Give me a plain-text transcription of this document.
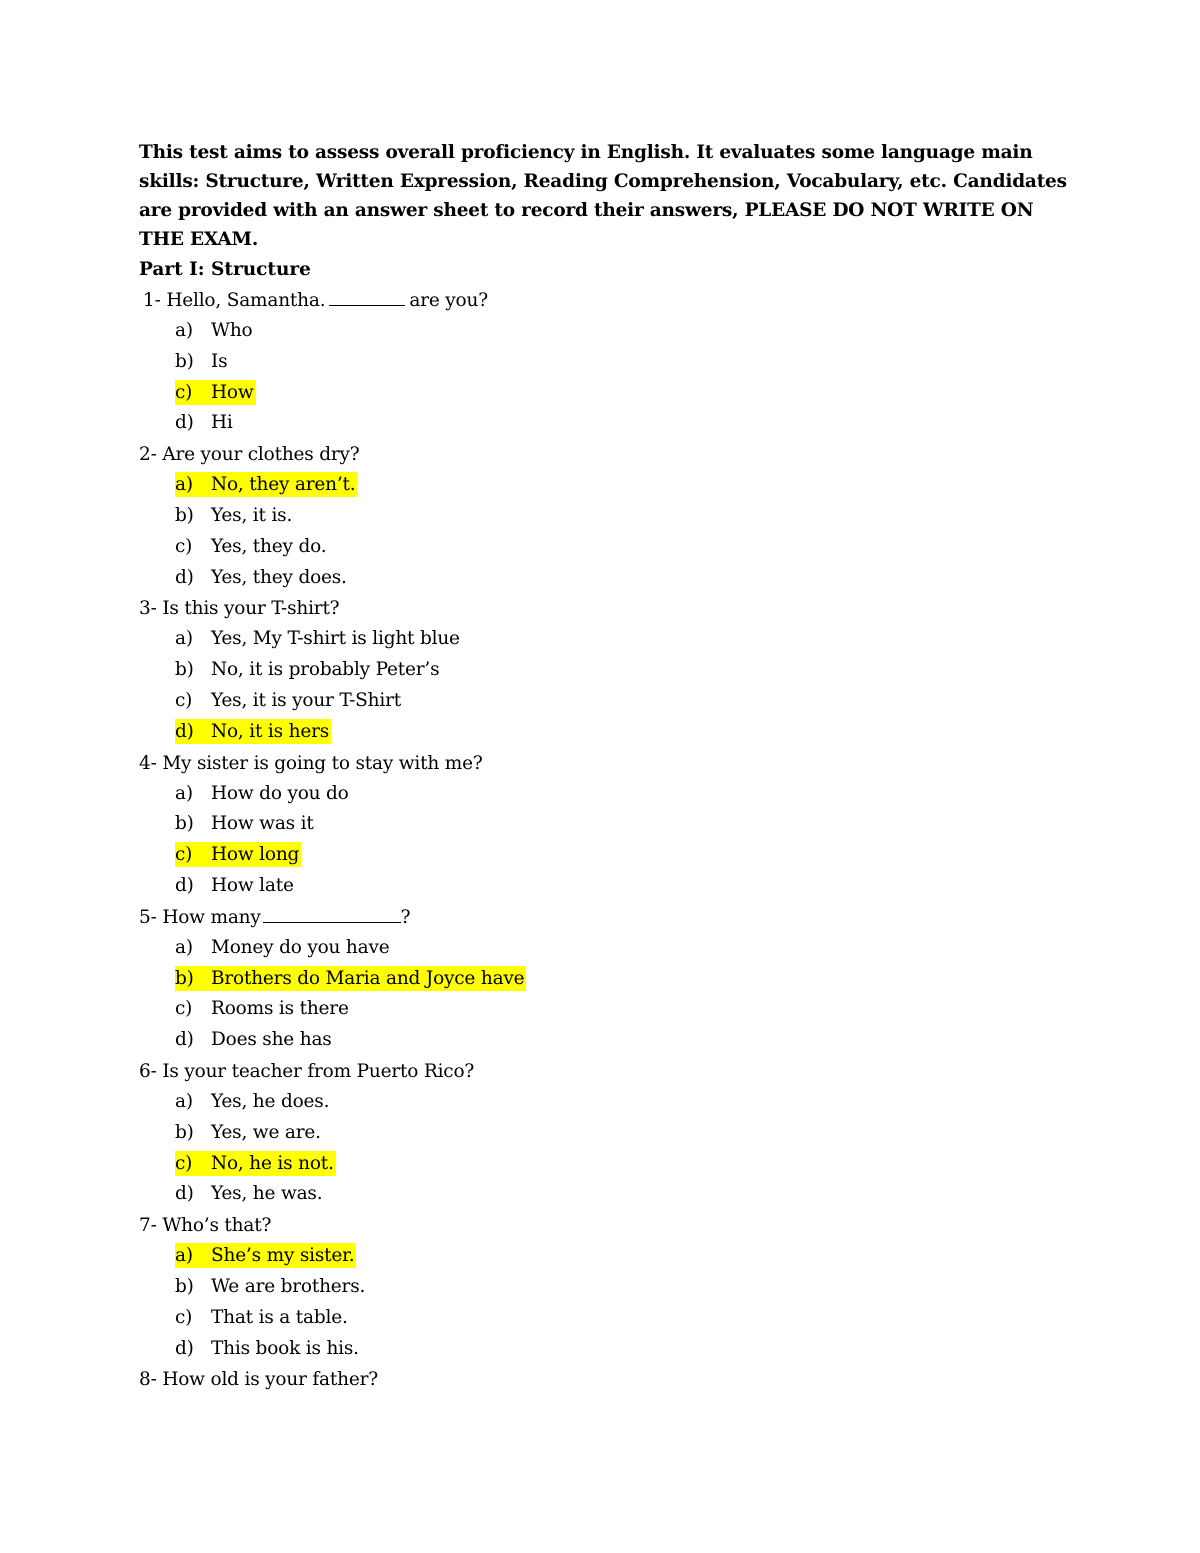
This test aims to assess overall proficiency in English. It evaluates some language main skills: Structure, Written Expression, Reading Comprehension, Vocabulary, etc. Candidates are provided with an answer sheet to record their answers, PLEASE DO NOT WRITE ON THE EXAM.

Part I: Structure

1- Hello, Samantha.	are you?

a) Who
b) Is
c) How
d) Hi

2- Are your clothes dry?

a) No, they aren’t.
b) Yes, it is.
c) Yes, they do.
d) Yes, they does.

3- Is this your T-shirt?

a) Yes, My T-shirt is light blue
b) No, it is probably Peter’s
c) Yes, it is your T-Shirt
d) No, it is hers

4- My sister is going to stay with me?

a) How do you do
b) How was it
c) How long
d) How late

5- How many	?

a) Money do you have
b) Brothers do Maria and Joyce have
c) Rooms is there
d) Does she has

6- Is your teacher from Puerto Rico?

a) Yes, he does.
b) Yes, we are.
c) No, he is not.
d) Yes, he was.

7- Who’s that?

a) She’s my sister.
b) We are brothers.
c) That is a table.
d) This book is his.

8- How old is your father?
